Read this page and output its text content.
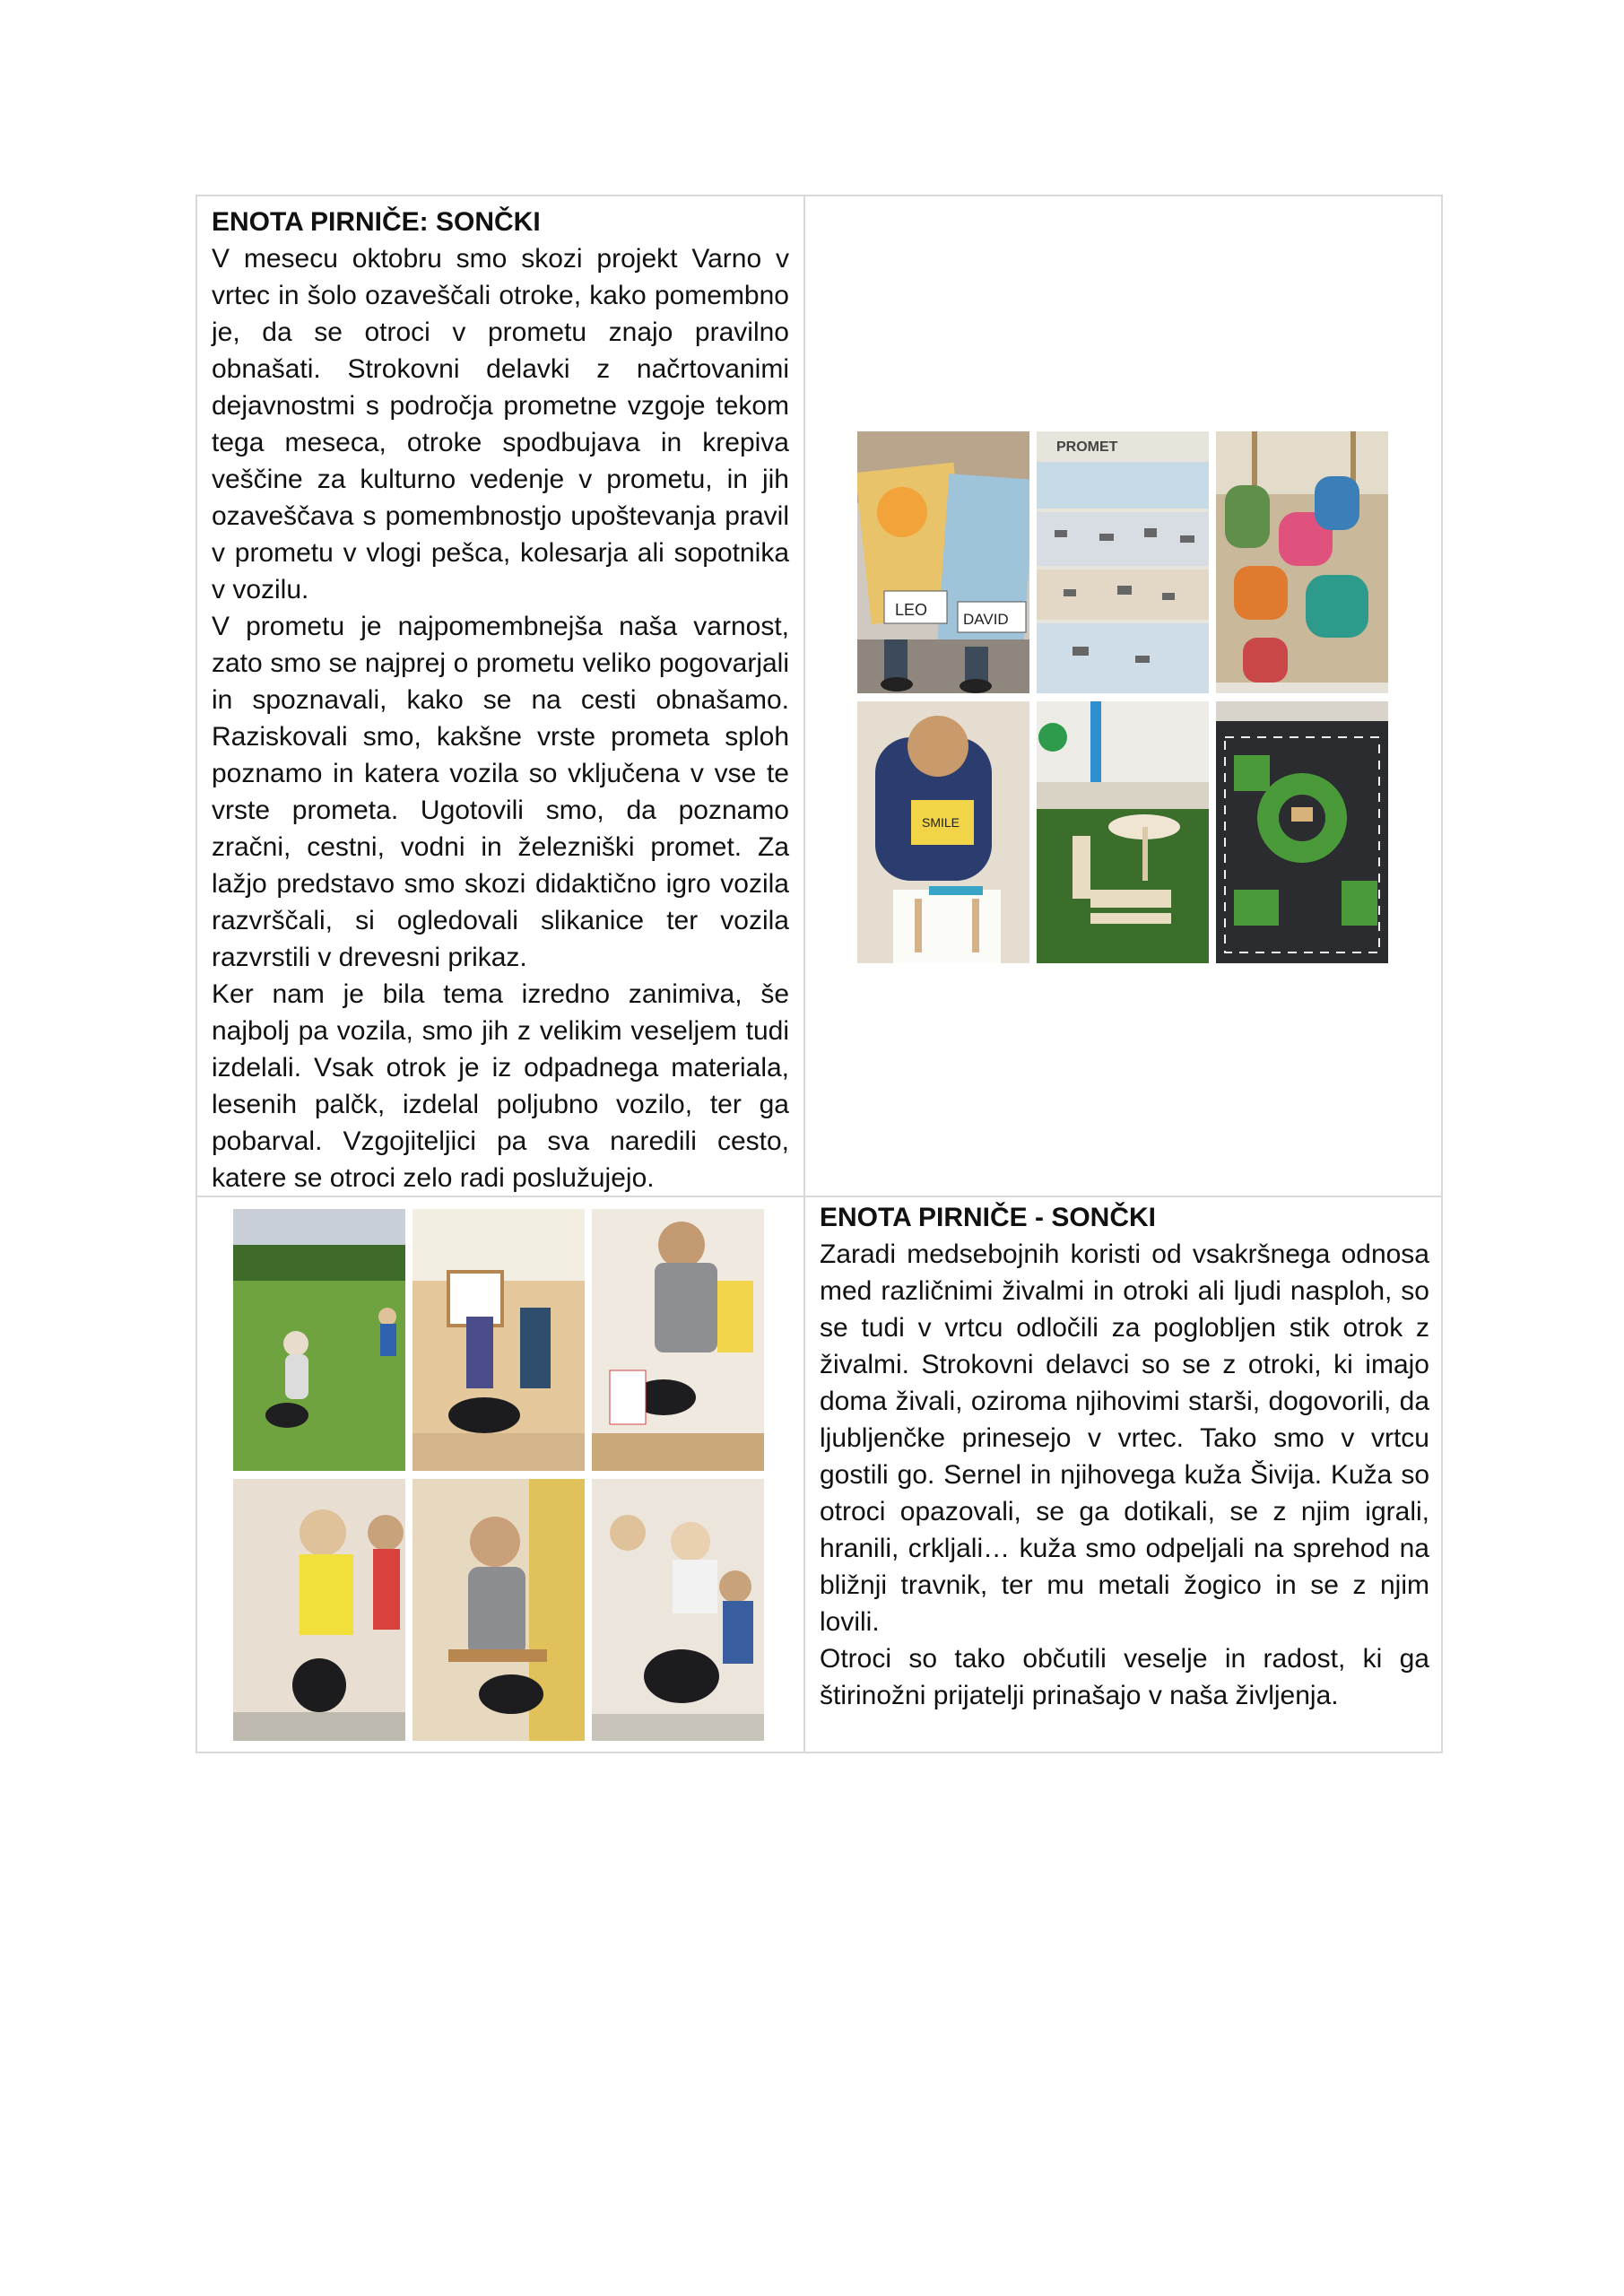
ENOTA PIRNIČE: SONČKI

V mesecu oktobru smo skozi projekt Varno v vrtec in šolo ozaveščali otroke, kako pomembno je, da se otroci v prometu znajo pravilno obnašati. Strokovni delavki z načrtovanimi dejavnostmi s področja prometne vzgoje tekom tega meseca, otroke spodbujava in krepiva veščine za kulturno vedenje v prometu, in jih ozaveščava s pomembnostjo upoštevanja pravil v prometu v vlogi pešca, kolesarja ali sopotnika v vozilu.

V prometu je najpomembnejša naša varnost, zato smo se najprej o prometu veliko pogovarjali in spoznavali, kako se na cesti obnašamo. Raziskovali smo, kakšne vrste prometa sploh poznamo in katera vozila so vključena v vse te vrste prometa. Ugotovili smo, da poznamo zračni, cestni, vodni in železniški promet. Za lažjo predstavo smo skozi didaktično igro vozila razvrščali, si ogledovali slikanice ter vozila razvrstili v drevesni prikaz.

Ker nam je bila tema izredno zanimiva, še najbolj pa vozila, smo jih z velikim veseljem tudi izdelali. Vsak otrok je iz odpadnega materiala, lesenih palčk, izdelal poljubno vozilo, ter ga pobarval. Vzgojiteljici pa sva naredili cesto, katere se otroci zelo radi poslužujejo.

LEO
DAVID
PROMET
SMILE
ENOTA PIRNIČE - SONČKI

Zaradi medsebojnih koristi od vsakršnega odnosa med različnimi živalmi in otroki ali ljudi nasploh, so se tudi v vrtcu odločili za poglobljen stik otrok z živalmi. Strokovni delavci so se z otroki, ki imajo doma živali, oziroma njihovimi starši, dogovorili, da ljubljenčke prinesejo v vrtec. Tako smo v vrtcu gostili go. Sernel in njihovega kuža Šivija. Kuža so otroci opazovali, se ga dotikali, se z njim igrali, hranili, crkljali… kuža smo odpeljali na sprehod na bližnji travnik, ter mu metali žogico in se z njim lovili.

Otroci so tako občutili veselje in radost, ki ga štirinožni prijatelji prinašajo v naša življenja.
